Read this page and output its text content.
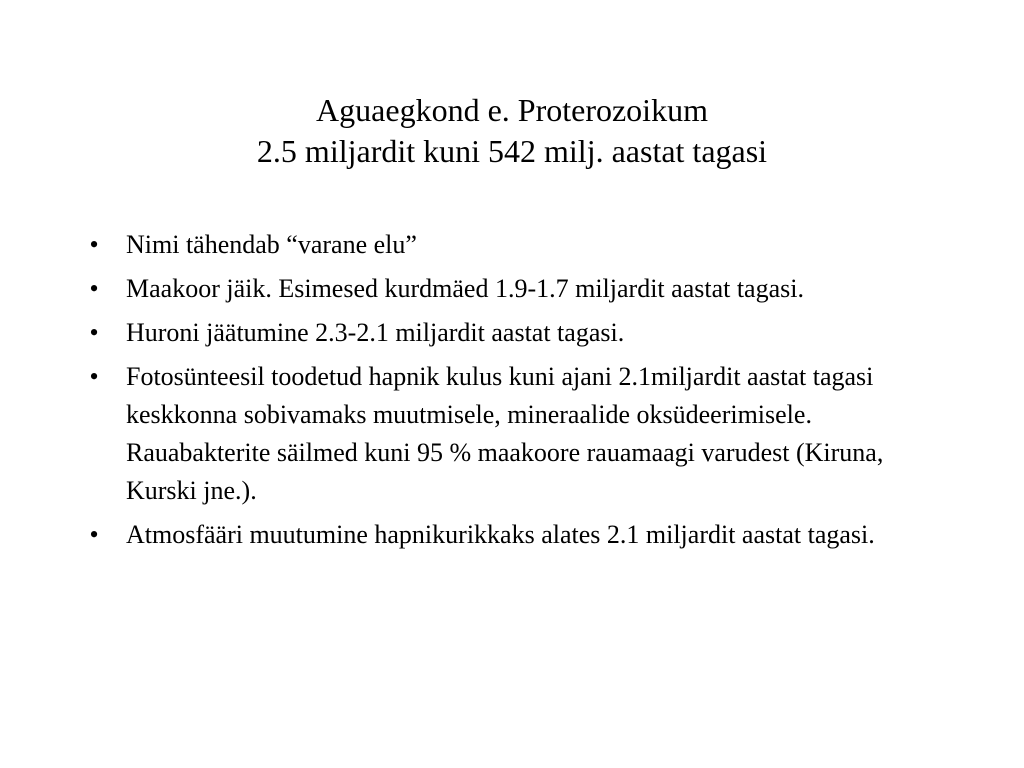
Aguaegkond e. Proterozoikum
2.5 miljardit kuni 542 milj. aastat tagasi
• Nimi tähendab “varane elu”
• Maakoor jäik. Esimesed kurdmäed 1.9-1.7 miljardit aastat tagasi.
• Huroni jäätumine 2.3-2.1 miljardit aastat tagasi.
• Fotosünteesil toodetud hapnik kulus kuni ajani 2.1miljardit aastat tagasi keskkonna sobivamaks muutmisele, mineraalide oksüdeerimisele. Rauabakterite säilmed kuni 95 % maakoore rauamaagi varudest (Kiruna, Kurski jne.).
• Atmosfääri muutumine hapnikurikkaks alates 2.1 miljardit aastat tagasi.
